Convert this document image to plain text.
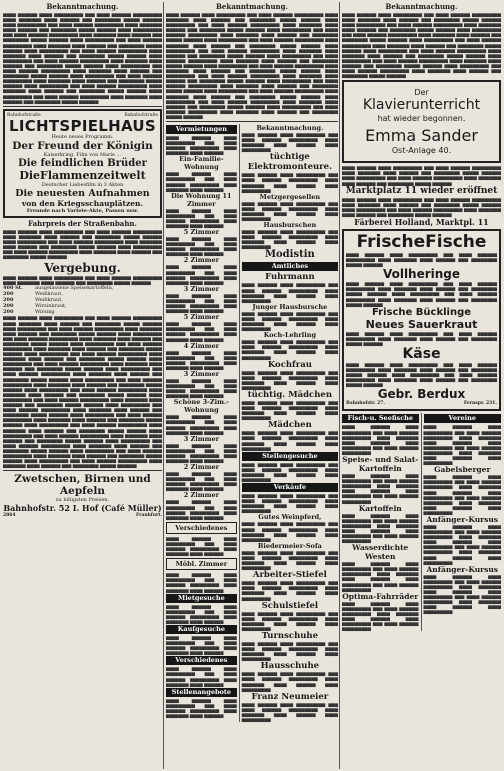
Bekanntmachung.
▆▆▆▆ ▆▆▆▆▆▆ ▆▆▆▆ ▆▆▆▆▆▆▆▆▆ ▆▆▆ ▆▆▆▆ ▆▆▆▆▆▆ ▆▆▆▆▆▆▆▆▆ ▆▆▆▆ ▆▆▆▆▆▆▆ ▆▆▆▆ ▆▆▆▆▆▆ ▆▆▆ ▆▆▆▆▆▆▆▆ ▆▆▆▆▆ ▆▆▆▆▆▆ ▆▆▆▆ ▆▆▆▆▆▆▆▆▆ ▆▆▆ ▆▆▆▆ ▆▆▆▆▆▆ ▆▆▆▆▆▆▆▆▆ ▆▆▆▆ ▆▆▆▆▆▆▆ ▆▆▆▆ ▆▆▆▆▆▆ ▆▆▆ ▆▆▆▆▆▆▆▆ ▆▆▆▆▆ ▆▆▆▆▆▆ ▆▆▆▆ ▆▆▆▆▆▆▆▆▆ ▆▆▆ ▆▆▆▆ ▆▆▆▆▆▆ ▆▆▆▆▆▆▆▆▆ ▆▆▆▆ ▆▆▆▆▆▆▆ ▆▆▆▆ ▆▆▆▆▆▆ ▆▆▆ ▆▆▆▆▆▆▆▆ ▆▆▆▆▆ ▆▆▆▆▆▆ ▆▆▆▆ ▆▆▆▆▆▆▆▆▆ ▆▆▆ ▆▆▆▆ ▆▆▆▆▆▆ ▆▆▆▆▆▆▆▆▆ ▆▆▆▆ ▆▆▆▆▆▆▆ ▆▆▆▆ ▆▆▆▆▆▆ ▆▆▆ ▆▆▆▆▆▆▆▆ ▆▆▆▆▆ ▆▆▆▆▆▆ ▆▆▆▆ ▆▆▆▆▆▆▆▆▆ ▆▆▆ ▆▆▆▆ ▆▆▆▆▆▆ ▆▆▆▆▆▆▆▆▆ ▆▆▆▆ ▆▆▆▆▆▆▆ ▆▆▆▆ ▆▆▆▆▆▆ ▆▆▆ ▆▆▆▆▆▆▆▆ ▆▆▆▆▆ ▆▆▆▆▆▆ ▆▆▆▆ ▆▆▆▆▆▆▆▆▆ ▆▆▆ ▆▆▆▆ ▆▆▆▆▆▆ ▆▆▆▆▆▆▆▆▆ ▆▆▆▆ ▆▆▆▆▆▆▆ ▆▆▆▆ ▆▆▆▆▆▆ ▆▆▆ ▆▆▆▆▆▆▆▆ ▆▆▆▆▆ ▆▆▆▆▆▆ ▆▆▆▆ ▆▆▆▆▆▆▆▆▆ ▆▆▆ ▆▆▆▆ ▆▆▆▆▆▆ ▆▆▆▆▆▆▆▆▆ ▆▆▆▆ ▆▆▆▆▆▆▆ ▆▆▆▆ ▆▆▆▆▆▆ ▆▆▆ ▆▆▆▆▆▆▆▆ ▆▆▆▆▆ ▆▆▆▆▆▆ ▆▆▆▆ ▆▆▆▆▆▆▆▆▆ ▆▆▆ ▆▆▆▆ ▆▆▆▆▆▆ ▆▆▆▆▆▆▆▆▆ ▆▆▆▆ ▆▆▆▆▆▆▆ ▆▆▆▆ ▆▆▆▆▆▆ ▆▆▆ ▆▆▆▆▆▆▆▆ ▆▆▆▆▆ ▆▆▆▆▆▆ ▆▆▆▆ ▆▆▆▆▆▆▆▆▆ ▆▆▆ ▆▆▆▆ ▆▆▆▆▆▆ ▆▆▆▆▆▆▆▆▆ ▆▆▆▆ ▆▆▆▆▆▆▆ ▆▆▆▆ ▆▆▆▆▆▆ ▆▆▆ ▆▆▆▆▆▆▆▆ ▆▆▆▆▆ ▆▆▆▆▆▆ ▆▆▆▆ ▆▆▆▆▆▆▆▆▆ ▆▆▆ ▆▆▆▆ ▆▆▆▆▆▆ ▆▆▆▆▆▆▆▆▆ ▆▆▆▆ ▆▆▆▆▆▆▆ ▆▆▆▆ ▆▆▆▆▆▆ ▆▆▆ ▆▆▆▆▆▆▆▆ ▆▆▆▆▆ ▆▆▆▆▆▆
Bahnhofstraße	Bahnhofstraße
LICHTSPIELHAUS
Heute neues Programm.
Der Freund der Königin
Kaiserkrieg. Film von Marie ...
Die feindlichen Brüder
DieFlammenzeitwelt
Deutscher Liebesfilm in 3 Akten
Die neuesten Aufnahmen
von den Kriegsschauplätzen.
Freunde nach Variete-Akte, Passen usw.
Fahrpreis der Straßenbahn.
▆▆▆▆ ▆▆▆▆▆▆ ▆▆▆▆ ▆▆▆▆▆▆▆▆▆ ▆▆▆ ▆▆▆▆ ▆▆▆▆▆▆ ▆▆▆▆▆▆▆▆▆ ▆▆▆▆ ▆▆▆▆▆▆▆ ▆▆▆▆ ▆▆▆▆▆▆ ▆▆▆ ▆▆▆▆▆▆▆▆ ▆▆▆▆▆ ▆▆▆▆▆▆ ▆▆▆▆ ▆▆▆▆▆▆▆▆▆ ▆▆▆ ▆▆▆▆ ▆▆▆▆▆▆ ▆▆▆▆▆▆▆▆▆ ▆▆▆▆ ▆▆▆▆▆▆▆ ▆▆▆▆ ▆▆▆▆▆▆ ▆▆▆ ▆▆▆▆▆▆▆▆ ▆▆▆▆▆ ▆▆▆▆▆▆ ▆▆▆▆ ▆▆▆▆▆▆▆▆▆ ▆▆▆ ▆▆▆▆ ▆▆▆▆▆▆ ▆▆▆▆▆▆▆▆▆ ▆▆▆▆ ▆▆▆▆▆▆▆ ▆▆▆▆ ▆▆▆▆▆▆ ▆▆▆ ▆▆▆▆▆▆▆▆ ▆▆▆▆▆ ▆▆▆▆▆▆
Vergebung.
▆▆▆▆ ▆▆▆▆▆▆ ▆▆▆▆ ▆▆▆▆▆▆▆▆▆ ▆▆▆ ▆▆▆▆ ▆▆▆▆▆▆ ▆▆▆▆▆▆▆▆▆ ▆▆▆▆ ▆▆▆▆▆▆▆ ▆▆▆▆ ▆▆▆▆▆▆ ▆▆▆ ▆▆▆▆▆▆▆▆ ▆▆▆▆▆ ▆▆▆▆▆▆
400 St.	ausgelassene Speisekartoffeln,
200	Weißkraut,
200	Weißkraut,
200	Wirsinkraut,
200	Wirsing
▆▆▆▆ ▆▆▆▆▆▆ ▆▆▆▆ ▆▆▆▆▆▆▆▆▆ ▆▆▆ ▆▆▆▆ ▆▆▆▆▆▆ ▆▆▆▆▆▆▆▆▆ ▆▆▆▆ ▆▆▆▆▆▆▆ ▆▆▆▆ ▆▆▆▆▆▆ ▆▆▆ ▆▆▆▆▆▆▆▆ ▆▆▆▆▆ ▆▆▆▆▆▆ ▆▆▆▆ ▆▆▆▆▆▆▆▆▆ ▆▆▆ ▆▆▆▆ ▆▆▆▆▆▆ ▆▆▆▆▆▆▆▆▆ ▆▆▆▆ ▆▆▆▆▆▆▆ ▆▆▆▆ ▆▆▆▆▆▆ ▆▆▆ ▆▆▆▆▆▆▆▆ ▆▆▆▆▆ ▆▆▆▆▆▆ ▆▆▆▆ ▆▆▆▆▆▆▆▆▆ ▆▆▆ ▆▆▆▆ ▆▆▆▆▆▆ ▆▆▆▆▆▆▆▆▆ ▆▆▆▆ ▆▆▆▆▆▆▆ ▆▆▆▆ ▆▆▆▆▆▆ ▆▆▆ ▆▆▆▆▆▆▆▆ ▆▆▆▆▆ ▆▆▆▆▆▆ ▆▆▆▆ ▆▆▆▆▆▆▆▆▆ ▆▆▆ ▆▆▆▆ ▆▆▆▆▆▆ ▆▆▆▆▆▆▆▆▆ ▆▆▆▆ ▆▆▆▆▆▆▆ ▆▆▆▆ ▆▆▆▆▆▆ ▆▆▆ ▆▆▆▆▆▆▆▆ ▆▆▆▆▆ ▆▆▆▆▆▆ ▆▆▆▆ ▆▆▆▆▆▆▆▆▆ ▆▆▆ ▆▆▆▆ ▆▆▆▆▆▆ ▆▆▆▆▆▆▆▆▆ ▆▆▆▆ ▆▆▆▆▆▆▆ ▆▆▆▆ ▆▆▆▆▆▆ ▆▆▆ ▆▆▆▆▆▆▆▆ ▆▆▆▆▆ ▆▆▆▆▆▆ ▆▆▆▆ ▆▆▆▆▆▆▆▆▆ ▆▆▆ ▆▆▆▆ ▆▆▆▆▆▆ ▆▆▆▆▆▆▆▆▆ ▆▆▆▆ ▆▆▆▆▆▆▆ ▆▆▆▆ ▆▆▆▆▆▆ ▆▆▆ ▆▆▆▆▆▆▆▆ ▆▆▆▆▆ ▆▆▆▆▆▆ ▆▆▆▆ ▆▆▆▆▆▆▆▆▆ ▆▆▆ ▆▆▆▆ ▆▆▆▆▆▆ ▆▆▆▆▆▆▆▆▆ ▆▆▆▆ ▆▆▆▆▆▆▆ ▆▆▆▆ ▆▆▆▆▆▆ ▆▆▆ ▆▆▆▆▆▆▆▆ ▆▆▆▆▆ ▆▆▆▆▆▆ ▆▆▆▆ ▆▆▆▆▆▆▆▆▆ ▆▆▆ ▆▆▆▆ ▆▆▆▆▆▆ ▆▆▆▆▆▆▆▆▆ ▆▆▆▆ ▆▆▆▆▆▆▆ ▆▆▆▆ ▆▆▆▆▆▆ ▆▆▆ ▆▆▆▆▆▆▆▆ ▆▆▆▆▆ ▆▆▆▆▆▆ ▆▆▆▆ ▆▆▆▆▆▆▆▆▆ ▆▆▆ ▆▆▆▆ ▆▆▆▆▆▆ ▆▆▆▆▆▆▆▆▆ ▆▆▆▆ ▆▆▆▆▆▆▆ ▆▆▆▆ ▆▆▆▆▆▆ ▆▆▆ ▆▆▆▆▆▆▆▆ ▆▆▆▆▆ ▆▆▆▆▆▆ ▆▆▆▆ ▆▆▆▆▆▆▆▆▆ ▆▆▆ ▆▆▆▆ ▆▆▆▆▆▆ ▆▆▆▆▆▆▆▆▆ ▆▆▆▆ ▆▆▆▆▆▆▆ ▆▆▆▆ ▆▆▆▆▆▆ ▆▆▆ ▆▆▆▆▆▆▆▆ ▆▆▆▆▆ ▆▆▆▆▆▆ ▆▆▆▆ ▆▆▆▆▆▆▆▆▆ ▆▆▆ ▆▆▆▆ ▆▆▆▆▆▆ ▆▆▆▆▆▆▆▆▆ ▆▆▆▆ ▆▆▆▆▆▆▆ ▆▆▆▆ ▆▆▆▆▆▆ ▆▆▆ ▆▆▆▆▆▆▆▆ ▆▆▆▆▆ ▆▆▆▆▆▆ ▆▆▆▆ ▆▆▆▆▆▆▆▆▆ ▆▆▆ ▆▆▆▆ ▆▆▆▆▆▆ ▆▆▆▆▆▆▆▆▆ ▆▆▆▆ ▆▆▆▆▆▆▆ ▆▆▆▆ ▆▆▆▆▆▆ ▆▆▆ ▆▆▆▆▆▆▆▆ ▆▆▆▆▆ ▆▆▆▆▆▆ ▆▆▆▆ ▆▆▆▆▆▆▆▆▆ ▆▆▆ ▆▆▆▆ ▆▆▆▆▆▆ ▆▆▆▆▆▆▆▆▆ ▆▆▆▆ ▆▆▆▆▆▆▆ ▆▆▆▆ ▆▆▆▆▆▆ ▆▆▆ ▆▆▆▆▆▆▆▆ ▆▆▆▆▆ ▆▆▆▆▆▆ ▆▆▆▆ ▆▆▆▆▆▆▆▆▆ ▆▆▆ ▆▆▆▆ ▆▆▆▆▆▆ ▆▆▆▆▆▆▆▆▆ ▆▆▆▆ ▆▆▆▆▆▆▆ ▆▆▆▆ ▆▆▆▆▆▆ ▆▆▆ ▆▆▆▆▆▆▆▆ ▆▆▆▆▆ ▆▆▆▆▆▆ ▆▆▆▆ ▆▆▆▆▆▆▆▆▆ ▆▆▆ ▆▆▆▆ ▆▆▆▆▆▆ ▆▆▆▆▆▆▆▆▆ ▆▆▆▆ ▆▆▆▆▆▆▆ ▆▆▆▆ ▆▆▆▆▆▆ ▆▆▆ ▆▆▆▆▆▆▆▆ ▆▆▆▆▆ ▆▆▆▆▆▆ ▆▆▆▆ ▆▆▆▆▆▆▆▆▆ ▆▆▆ ▆▆▆▆ ▆▆▆▆▆▆ ▆▆▆▆▆▆▆▆▆ ▆▆▆▆ ▆▆▆▆▆▆▆ ▆▆▆▆ ▆▆▆▆▆▆ ▆▆▆ ▆▆▆▆▆▆▆▆ ▆▆▆▆▆ ▆▆▆▆▆▆ ▆▆▆▆ ▆▆▆▆▆▆▆▆▆ ▆▆▆ ▆▆▆▆ ▆▆▆▆▆▆ ▆▆▆▆▆▆▆▆▆ ▆▆▆▆ ▆▆▆▆▆▆▆ ▆▆▆▆ ▆▆▆▆▆▆ ▆▆▆ ▆▆▆▆▆▆▆▆ ▆▆▆▆▆ ▆▆▆▆▆▆
Zwetschen, Birnen und Aepfeln
zu billigsten Preisen.
Bahnhofstr. 52 I. Hof (Café Müller)
2864	Frankfurt.
Bekanntmachung.
▆▆▆▆ ▆▆▆▆▆▆ ▆▆▆▆ ▆▆▆▆▆▆▆▆▆ ▆▆▆ ▆▆▆▆ ▆▆▆▆▆▆ ▆▆▆▆▆▆▆▆▆ ▆▆▆▆ ▆▆▆▆▆▆▆ ▆▆▆▆ ▆▆▆▆▆▆ ▆▆▆ ▆▆▆▆▆▆▆▆ ▆▆▆▆▆ ▆▆▆▆▆▆ ▆▆▆▆ ▆▆▆▆▆▆▆▆▆ ▆▆▆ ▆▆▆▆ ▆▆▆▆▆▆ ▆▆▆▆▆▆▆▆▆ ▆▆▆▆ ▆▆▆▆▆▆▆ ▆▆▆▆ ▆▆▆▆▆▆ ▆▆▆ ▆▆▆▆▆▆▆▆ ▆▆▆▆▆ ▆▆▆▆▆▆ ▆▆▆▆ ▆▆▆▆▆▆▆▆▆ ▆▆▆ ▆▆▆▆ ▆▆▆▆▆▆ ▆▆▆▆▆▆▆▆▆ ▆▆▆▆ ▆▆▆▆▆▆▆ ▆▆▆▆ ▆▆▆▆▆▆ ▆▆▆ ▆▆▆▆▆▆▆▆ ▆▆▆▆▆ ▆▆▆▆▆▆ ▆▆▆▆ ▆▆▆▆▆▆▆▆▆ ▆▆▆ ▆▆▆▆ ▆▆▆▆▆▆ ▆▆▆▆▆▆▆▆▆ ▆▆▆▆ ▆▆▆▆▆▆▆ ▆▆▆▆ ▆▆▆▆▆▆ ▆▆▆ ▆▆▆▆▆▆▆▆ ▆▆▆▆▆ ▆▆▆▆▆▆ ▆▆▆▆ ▆▆▆▆▆▆▆▆▆ ▆▆▆ ▆▆▆▆ ▆▆▆▆▆▆ ▆▆▆▆▆▆▆▆▆ ▆▆▆▆ ▆▆▆▆▆▆▆ ▆▆▆▆ ▆▆▆▆▆▆ ▆▆▆ ▆▆▆▆▆▆▆▆ ▆▆▆▆▆ ▆▆▆▆▆▆ ▆▆▆▆ ▆▆▆▆▆▆▆▆▆ ▆▆▆ ▆▆▆▆ ▆▆▆▆▆▆ ▆▆▆▆▆▆▆▆▆ ▆▆▆▆ ▆▆▆▆▆▆▆ ▆▆▆▆ ▆▆▆▆▆▆ ▆▆▆ ▆▆▆▆▆▆▆▆ ▆▆▆▆▆ ▆▆▆▆▆▆ ▆▆▆▆ ▆▆▆▆▆▆▆▆▆ ▆▆▆ ▆▆▆▆ ▆▆▆▆▆▆ ▆▆▆▆▆▆▆▆▆ ▆▆▆▆ ▆▆▆▆▆▆▆ ▆▆▆▆ ▆▆▆▆▆▆ ▆▆▆ ▆▆▆▆▆▆▆▆ ▆▆▆▆▆ ▆▆▆▆▆▆ ▆▆▆▆ ▆▆▆▆▆▆▆▆▆ ▆▆▆ ▆▆▆▆ ▆▆▆▆▆▆ ▆▆▆▆▆▆▆▆▆ ▆▆▆▆ ▆▆▆▆▆▆▆ ▆▆▆▆ ▆▆▆▆▆▆ ▆▆▆ ▆▆▆▆▆▆▆▆ ▆▆▆▆▆ ▆▆▆▆▆▆ ▆▆▆▆ ▆▆▆▆▆▆▆▆▆ ▆▆▆ ▆▆▆▆ ▆▆▆▆▆▆ ▆▆▆▆▆▆▆▆▆ ▆▆▆▆ ▆▆▆▆▆▆▆ ▆▆▆▆ ▆▆▆▆▆▆ ▆▆▆ ▆▆▆▆▆▆▆▆ ▆▆▆▆▆ ▆▆▆▆▆▆ ▆▆▆▆ ▆▆▆▆▆▆▆▆▆ ▆▆▆ ▆▆▆▆ ▆▆▆▆▆▆ ▆▆▆▆▆▆▆▆▆ ▆▆▆▆ ▆▆▆▆▆▆▆ ▆▆▆▆ ▆▆▆▆▆▆ ▆▆▆ ▆▆▆▆▆▆▆▆ ▆▆▆▆▆ ▆▆▆▆▆▆ ▆▆▆▆ ▆▆▆▆▆▆▆▆▆ ▆▆▆ ▆▆▆▆ ▆▆▆▆▆▆ ▆▆▆▆▆▆▆▆▆ ▆▆▆▆ ▆▆▆▆▆▆▆ ▆▆▆▆ ▆▆▆▆▆▆ ▆▆▆ ▆▆▆▆▆▆▆▆ ▆▆▆▆▆ ▆▆▆▆▆▆ ▆▆▆▆ ▆▆▆▆▆▆▆▆▆ ▆▆▆ ▆▆▆▆ ▆▆▆▆▆▆ ▆▆▆▆▆▆▆▆▆ ▆▆▆▆ ▆▆▆▆▆▆▆ ▆▆▆▆ ▆▆▆▆▆▆ ▆▆▆ ▆▆▆▆▆▆▆▆ ▆▆▆▆▆ ▆▆▆▆▆▆
Vermietungen
▆▆▆▆ ▆▆▆▆▆▆ ▆▆▆▆ ▆▆▆▆▆▆▆▆▆ ▆▆▆ ▆▆▆▆ ▆▆▆▆▆▆ ▆▆▆▆▆▆▆▆▆ ▆▆▆▆ ▆▆▆▆▆▆▆ ▆▆▆▆ ▆▆▆▆▆▆
Ein-Familie-Wohnung
▆▆▆▆ ▆▆▆▆▆▆ ▆▆▆▆ ▆▆▆▆▆▆▆▆▆ ▆▆▆ ▆▆▆▆ ▆▆▆▆▆▆ ▆▆▆▆▆▆▆▆▆ ▆▆▆▆ ▆▆▆▆▆▆▆ ▆▆▆▆ ▆▆▆▆▆▆
Die Wohnung 11 Zimmer
▆▆▆▆ ▆▆▆▆▆▆ ▆▆▆▆ ▆▆▆▆▆▆▆▆▆ ▆▆▆ ▆▆▆▆ ▆▆▆▆▆▆ ▆▆▆▆▆▆▆▆▆ ▆▆▆▆ ▆▆▆▆▆▆▆ ▆▆▆▆ ▆▆▆▆▆▆
5 Zimmer
▆▆▆▆ ▆▆▆▆▆▆ ▆▆▆▆ ▆▆▆▆▆▆▆▆▆ ▆▆▆ ▆▆▆▆ ▆▆▆▆▆▆ ▆▆▆▆▆▆▆▆▆ ▆▆▆▆ ▆▆▆▆▆▆▆ ▆▆▆▆ ▆▆▆▆▆▆
2 Zimmer
▆▆▆▆ ▆▆▆▆▆▆ ▆▆▆▆ ▆▆▆▆▆▆▆▆▆ ▆▆▆ ▆▆▆▆ ▆▆▆▆▆▆ ▆▆▆▆▆▆▆▆▆ ▆▆▆▆ ▆▆▆▆▆▆▆ ▆▆▆▆ ▆▆▆▆▆▆
3 Zimmer
▆▆▆▆ ▆▆▆▆▆▆ ▆▆▆▆ ▆▆▆▆▆▆▆▆▆ ▆▆▆ ▆▆▆▆ ▆▆▆▆▆▆ ▆▆▆▆▆▆▆▆▆ ▆▆▆▆ ▆▆▆▆▆▆▆ ▆▆▆▆ ▆▆▆▆▆▆
5 Zimmer
▆▆▆▆ ▆▆▆▆▆▆ ▆▆▆▆ ▆▆▆▆▆▆▆▆▆ ▆▆▆ ▆▆▆▆ ▆▆▆▆▆▆ ▆▆▆▆▆▆▆▆▆ ▆▆▆▆ ▆▆▆▆▆▆▆ ▆▆▆▆ ▆▆▆▆▆▆
4 Zimmer
▆▆▆▆ ▆▆▆▆▆▆ ▆▆▆▆ ▆▆▆▆▆▆▆▆▆ ▆▆▆ ▆▆▆▆ ▆▆▆▆▆▆ ▆▆▆▆▆▆▆▆▆ ▆▆▆▆ ▆▆▆▆▆▆▆ ▆▆▆▆ ▆▆▆▆▆▆
3 Zimmer
▆▆▆▆ ▆▆▆▆▆▆ ▆▆▆▆ ▆▆▆▆▆▆▆▆▆ ▆▆▆ ▆▆▆▆ ▆▆▆▆▆▆ ▆▆▆▆▆▆▆▆▆ ▆▆▆▆ ▆▆▆▆▆▆▆ ▆▆▆▆ ▆▆▆▆▆▆
Schöne 3-Zim.-Wohnung
▆▆▆▆ ▆▆▆▆▆▆ ▆▆▆▆ ▆▆▆▆▆▆▆▆▆ ▆▆▆ ▆▆▆▆ ▆▆▆▆▆▆ ▆▆▆▆▆▆▆▆▆ ▆▆▆▆ ▆▆▆▆▆▆▆ ▆▆▆▆ ▆▆▆▆▆▆
3 Zimmer
▆▆▆▆ ▆▆▆▆▆▆ ▆▆▆▆ ▆▆▆▆▆▆▆▆▆ ▆▆▆ ▆▆▆▆ ▆▆▆▆▆▆ ▆▆▆▆▆▆▆▆▆ ▆▆▆▆ ▆▆▆▆▆▆▆ ▆▆▆▆ ▆▆▆▆▆▆
2 Zimmer
▆▆▆▆ ▆▆▆▆▆▆ ▆▆▆▆ ▆▆▆▆▆▆▆▆▆ ▆▆▆ ▆▆▆▆ ▆▆▆▆▆▆ ▆▆▆▆▆▆▆▆▆ ▆▆▆▆ ▆▆▆▆▆▆▆ ▆▆▆▆ ▆▆▆▆▆▆
2 Zimmer
▆▆▆▆ ▆▆▆▆▆▆ ▆▆▆▆ ▆▆▆▆▆▆▆▆▆ ▆▆▆ ▆▆▆▆ ▆▆▆▆▆▆ ▆▆▆▆▆▆▆▆▆ ▆▆▆▆ ▆▆▆▆▆▆▆ ▆▆▆▆ ▆▆▆▆▆▆
Verschiedenes
▆▆▆▆ ▆▆▆▆▆▆ ▆▆▆▆ ▆▆▆▆▆▆▆▆▆ ▆▆▆ ▆▆▆▆ ▆▆▆▆▆▆ ▆▆▆▆▆▆▆▆▆ ▆▆▆▆ ▆▆▆▆▆▆▆ ▆▆▆▆ ▆▆▆▆▆▆
Möbl. Zimmer
▆▆▆▆ ▆▆▆▆▆▆ ▆▆▆▆ ▆▆▆▆▆▆▆▆▆ ▆▆▆ ▆▆▆▆ ▆▆▆▆▆▆ ▆▆▆▆▆▆▆▆▆ ▆▆▆▆ ▆▆▆▆▆▆▆ ▆▆▆▆ ▆▆▆▆▆▆
Mietgesuche
▆▆▆▆ ▆▆▆▆▆▆ ▆▆▆▆ ▆▆▆▆▆▆▆▆▆ ▆▆▆ ▆▆▆▆ ▆▆▆▆▆▆ ▆▆▆▆▆▆▆▆▆ ▆▆▆▆ ▆▆▆▆▆▆▆ ▆▆▆▆ ▆▆▆▆▆▆
Kaufgesuche
▆▆▆▆ ▆▆▆▆▆▆ ▆▆▆▆ ▆▆▆▆▆▆▆▆▆ ▆▆▆ ▆▆▆▆ ▆▆▆▆▆▆ ▆▆▆▆▆▆▆▆▆ ▆▆▆▆ ▆▆▆▆▆▆▆ ▆▆▆▆ ▆▆▆▆▆▆
Verschiedenes
▆▆▆▆ ▆▆▆▆▆▆ ▆▆▆▆ ▆▆▆▆▆▆▆▆▆ ▆▆▆ ▆▆▆▆ ▆▆▆▆▆▆ ▆▆▆▆▆▆▆▆▆ ▆▆▆▆ ▆▆▆▆▆▆▆ ▆▆▆▆ ▆▆▆▆▆▆
Stellenangebote
▆▆▆▆ ▆▆▆▆▆▆ ▆▆▆▆ ▆▆▆▆▆▆▆▆▆ ▆▆▆ ▆▆▆▆ ▆▆▆▆▆▆ ▆▆▆▆▆▆▆▆▆ ▆▆▆▆ ▆▆▆▆▆▆▆ ▆▆▆▆ ▆▆▆▆▆▆
Bekanntmachung.
▆▆▆▆ ▆▆▆▆▆▆ ▆▆▆▆ ▆▆▆▆▆▆▆▆▆ ▆▆▆ ▆▆▆▆ ▆▆▆▆▆▆ ▆▆▆▆▆▆▆▆▆ ▆▆▆▆ ▆▆▆▆▆▆▆ ▆▆▆▆ ▆▆▆▆▆▆ ▆▆▆▆ ▆▆▆▆▆▆▆▆▆
tüchtige Elektromonteure.
▆▆▆▆ ▆▆▆▆▆▆ ▆▆▆▆ ▆▆▆▆▆▆▆▆▆ ▆▆▆ ▆▆▆▆ ▆▆▆▆▆▆ ▆▆▆▆▆▆▆▆▆ ▆▆▆▆ ▆▆▆▆▆▆▆ ▆▆▆▆ ▆▆▆▆▆▆ ▆▆▆▆ ▆▆▆▆▆▆▆▆▆
Metzgergesellen
▆▆▆▆ ▆▆▆▆▆▆ ▆▆▆▆ ▆▆▆▆▆▆▆▆▆ ▆▆▆ ▆▆▆▆ ▆▆▆▆▆▆ ▆▆▆▆▆▆▆▆▆ ▆▆▆▆ ▆▆▆▆▆▆▆ ▆▆▆▆ ▆▆▆▆▆▆ ▆▆▆▆ ▆▆▆▆▆▆▆▆▆
Hausburschen
▆▆▆▆ ▆▆▆▆▆▆ ▆▆▆▆ ▆▆▆▆▆▆▆▆▆ ▆▆▆ ▆▆▆▆ ▆▆▆▆▆▆ ▆▆▆▆▆▆▆▆▆ ▆▆▆▆ ▆▆▆▆▆▆▆ ▆▆▆▆ ▆▆▆▆▆▆ ▆▆▆▆ ▆▆▆▆▆▆▆▆▆
Modistin
Amtliches
Fuhrmann
▆▆▆▆ ▆▆▆▆▆▆ ▆▆▆▆ ▆▆▆▆▆▆▆▆▆ ▆▆▆ ▆▆▆▆ ▆▆▆▆▆▆ ▆▆▆▆▆▆▆▆▆ ▆▆▆▆ ▆▆▆▆▆▆▆ ▆▆▆▆ ▆▆▆▆▆▆ ▆▆▆▆ ▆▆▆▆▆▆▆▆▆
Junger Hausbursche
▆▆▆▆ ▆▆▆▆▆▆ ▆▆▆▆ ▆▆▆▆▆▆▆▆▆ ▆▆▆ ▆▆▆▆ ▆▆▆▆▆▆ ▆▆▆▆▆▆▆▆▆ ▆▆▆▆ ▆▆▆▆▆▆▆ ▆▆▆▆ ▆▆▆▆▆▆ ▆▆▆▆ ▆▆▆▆▆▆▆▆▆
Koch-Lehrling
▆▆▆▆ ▆▆▆▆▆▆ ▆▆▆▆ ▆▆▆▆▆▆▆▆▆ ▆▆▆ ▆▆▆▆ ▆▆▆▆▆▆ ▆▆▆▆▆▆▆▆▆ ▆▆▆▆ ▆▆▆▆▆▆▆ ▆▆▆▆ ▆▆▆▆▆▆ ▆▆▆▆ ▆▆▆▆▆▆▆▆▆
Kochfrau
▆▆▆▆ ▆▆▆▆▆▆ ▆▆▆▆ ▆▆▆▆▆▆▆▆▆ ▆▆▆ ▆▆▆▆ ▆▆▆▆▆▆ ▆▆▆▆▆▆▆▆▆ ▆▆▆▆ ▆▆▆▆▆▆▆ ▆▆▆▆ ▆▆▆▆▆▆ ▆▆▆▆ ▆▆▆▆▆▆▆▆▆
tüchtig. Mädchen
▆▆▆▆ ▆▆▆▆▆▆ ▆▆▆▆ ▆▆▆▆▆▆▆▆▆ ▆▆▆ ▆▆▆▆ ▆▆▆▆▆▆ ▆▆▆▆▆▆▆▆▆ ▆▆▆▆ ▆▆▆▆▆▆▆ ▆▆▆▆ ▆▆▆▆▆▆ ▆▆▆▆ ▆▆▆▆▆▆▆▆▆
Mädchen
▆▆▆▆ ▆▆▆▆▆▆ ▆▆▆▆ ▆▆▆▆▆▆▆▆▆ ▆▆▆ ▆▆▆▆ ▆▆▆▆▆▆ ▆▆▆▆▆▆▆▆▆ ▆▆▆▆ ▆▆▆▆▆▆▆ ▆▆▆▆ ▆▆▆▆▆▆ ▆▆▆▆ ▆▆▆▆▆▆▆▆▆
Stellengesuche
▆▆▆▆ ▆▆▆▆▆▆ ▆▆▆▆ ▆▆▆▆▆▆▆▆▆ ▆▆▆ ▆▆▆▆ ▆▆▆▆▆▆ ▆▆▆▆▆▆▆▆▆ ▆▆▆▆ ▆▆▆▆▆▆▆ ▆▆▆▆ ▆▆▆▆▆▆ ▆▆▆▆ ▆▆▆▆▆▆▆▆▆
Verkäufe
▆▆▆▆ ▆▆▆▆▆▆ ▆▆▆▆ ▆▆▆▆▆▆▆▆▆ ▆▆▆ ▆▆▆▆ ▆▆▆▆▆▆ ▆▆▆▆▆▆▆▆▆ ▆▆▆▆ ▆▆▆▆▆▆▆ ▆▆▆▆ ▆▆▆▆▆▆ ▆▆▆▆ ▆▆▆▆▆▆▆▆▆
Gutes Weinpferd,
▆▆▆▆ ▆▆▆▆▆▆ ▆▆▆▆ ▆▆▆▆▆▆▆▆▆ ▆▆▆ ▆▆▆▆ ▆▆▆▆▆▆ ▆▆▆▆▆▆▆▆▆ ▆▆▆▆ ▆▆▆▆▆▆▆ ▆▆▆▆ ▆▆▆▆▆▆ ▆▆▆▆ ▆▆▆▆▆▆▆▆▆
Biedermeier-Sofa
▆▆▆▆ ▆▆▆▆▆▆ ▆▆▆▆ ▆▆▆▆▆▆▆▆▆ ▆▆▆ ▆▆▆▆ ▆▆▆▆▆▆ ▆▆▆▆▆▆▆▆▆ ▆▆▆▆ ▆▆▆▆▆▆▆ ▆▆▆▆ ▆▆▆▆▆▆ ▆▆▆▆ ▆▆▆▆▆▆▆▆▆
Arbeiter-Stiefel
▆▆▆▆ ▆▆▆▆▆▆ ▆▆▆▆ ▆▆▆▆▆▆▆▆▆ ▆▆▆ ▆▆▆▆ ▆▆▆▆▆▆ ▆▆▆▆▆▆▆▆▆ ▆▆▆▆ ▆▆▆▆▆▆▆ ▆▆▆▆ ▆▆▆▆▆▆ ▆▆▆▆ ▆▆▆▆▆▆▆▆▆
Schulstiefel
▆▆▆▆ ▆▆▆▆▆▆ ▆▆▆▆ ▆▆▆▆▆▆▆▆▆ ▆▆▆ ▆▆▆▆ ▆▆▆▆▆▆ ▆▆▆▆▆▆▆▆▆ ▆▆▆▆ ▆▆▆▆▆▆▆ ▆▆▆▆ ▆▆▆▆▆▆ ▆▆▆▆ ▆▆▆▆▆▆▆▆▆
Turnschuhe
▆▆▆▆ ▆▆▆▆▆▆ ▆▆▆▆ ▆▆▆▆▆▆▆▆▆ ▆▆▆ ▆▆▆▆ ▆▆▆▆▆▆ ▆▆▆▆▆▆▆▆▆ ▆▆▆▆ ▆▆▆▆▆▆▆ ▆▆▆▆ ▆▆▆▆▆▆ ▆▆▆▆ ▆▆▆▆▆▆▆▆▆
Hausschuhe
▆▆▆▆ ▆▆▆▆▆▆ ▆▆▆▆ ▆▆▆▆▆▆▆▆▆ ▆▆▆ ▆▆▆▆ ▆▆▆▆▆▆ ▆▆▆▆▆▆▆▆▆ ▆▆▆▆ ▆▆▆▆▆▆▆ ▆▆▆▆ ▆▆▆▆▆▆ ▆▆▆▆ ▆▆▆▆▆▆▆▆▆
Franz Neumeier
▆▆▆▆ ▆▆▆▆▆▆ ▆▆▆▆ ▆▆▆▆▆▆▆▆▆ ▆▆▆ ▆▆▆▆ ▆▆▆▆▆▆ ▆▆▆▆▆▆▆▆▆ ▆▆▆▆ ▆▆▆▆▆▆▆ ▆▆▆▆ ▆▆▆▆▆▆ ▆▆▆▆ ▆▆▆▆▆▆▆▆▆
Bekanntmachung.
▆▆▆▆ ▆▆▆▆▆▆ ▆▆▆▆ ▆▆▆▆▆▆▆▆▆ ▆▆▆ ▆▆▆▆ ▆▆▆▆▆▆ ▆▆▆▆▆▆▆▆▆ ▆▆▆▆ ▆▆▆▆▆▆▆ ▆▆▆▆ ▆▆▆▆▆▆ ▆▆▆ ▆▆▆▆▆▆▆▆ ▆▆▆▆▆ ▆▆▆▆▆▆ ▆▆▆▆ ▆▆▆▆▆▆▆▆▆ ▆▆▆ ▆▆▆▆ ▆▆▆▆▆▆ ▆▆▆▆▆▆▆▆▆ ▆▆▆▆ ▆▆▆▆▆▆▆ ▆▆▆▆ ▆▆▆▆▆▆ ▆▆▆ ▆▆▆▆▆▆▆▆ ▆▆▆▆▆ ▆▆▆▆▆▆ ▆▆▆▆ ▆▆▆▆▆▆▆▆▆ ▆▆▆ ▆▆▆▆ ▆▆▆▆▆▆ ▆▆▆▆▆▆▆▆▆ ▆▆▆▆ ▆▆▆▆▆▆▆ ▆▆▆▆ ▆▆▆▆▆▆ ▆▆▆ ▆▆▆▆▆▆▆▆ ▆▆▆▆▆ ▆▆▆▆▆▆ ▆▆▆▆ ▆▆▆▆▆▆▆▆▆ ▆▆▆ ▆▆▆▆ ▆▆▆▆▆▆ ▆▆▆▆▆▆▆▆▆ ▆▆▆▆ ▆▆▆▆▆▆▆ ▆▆▆▆ ▆▆▆▆▆▆ ▆▆▆ ▆▆▆▆▆▆▆▆ ▆▆▆▆▆ ▆▆▆▆▆▆ ▆▆▆▆ ▆▆▆▆▆▆▆▆▆ ▆▆▆ ▆▆▆▆ ▆▆▆▆▆▆ ▆▆▆▆▆▆▆▆▆ ▆▆▆▆ ▆▆▆▆▆▆▆ ▆▆▆▆ ▆▆▆▆▆▆ ▆▆▆ ▆▆▆▆▆▆▆▆ ▆▆▆▆▆ ▆▆▆▆▆▆ ▆▆▆▆ ▆▆▆▆▆▆▆▆▆ ▆▆▆ ▆▆▆▆ ▆▆▆▆▆▆ ▆▆▆▆▆▆▆▆▆ ▆▆▆▆ ▆▆▆▆▆▆▆ ▆▆▆▆ ▆▆▆▆▆▆ ▆▆▆ ▆▆▆▆▆▆▆▆ ▆▆▆▆▆ ▆▆▆▆▆▆ ▆▆▆▆ ▆▆▆▆▆▆▆▆▆ ▆▆▆ ▆▆▆▆ ▆▆▆▆▆▆ ▆▆▆▆▆▆▆▆▆ ▆▆▆▆ ▆▆▆▆▆▆▆ ▆▆▆▆ ▆▆▆▆▆▆ ▆▆▆ ▆▆▆▆▆▆▆▆ ▆▆▆▆▆ ▆▆▆▆▆▆
Der
Klavierunterricht
hat wieder begonnen.
Emma Sander
Ost-Anlage 40.
▆▆▆▆ ▆▆▆▆▆▆ ▆▆▆▆ ▆▆▆▆▆▆▆▆▆ ▆▆▆ ▆▆▆▆ ▆▆▆▆▆▆ ▆▆▆▆▆▆▆▆▆ ▆▆▆▆ ▆▆▆▆▆▆▆ ▆▆▆▆ ▆▆▆▆▆▆ ▆▆▆ ▆▆▆▆▆▆▆▆ ▆▆▆▆▆ ▆▆▆▆▆▆ ▆▆▆▆ ▆▆▆▆▆▆▆▆▆ ▆▆▆ ▆▆▆▆ ▆▆▆▆▆▆ ▆▆▆▆▆▆▆▆▆ ▆▆▆▆ ▆▆▆▆▆▆▆ ▆▆▆▆ ▆▆▆▆▆▆ ▆▆▆ ▆▆▆▆▆▆▆▆ ▆▆▆▆▆ ▆▆▆▆▆▆
Marktplatz 11 wieder eröffnet
▆▆▆▆ ▆▆▆▆▆▆ ▆▆▆▆ ▆▆▆▆▆▆▆▆▆ ▆▆▆ ▆▆▆▆ ▆▆▆▆▆▆ ▆▆▆▆▆▆▆▆▆ ▆▆▆▆ ▆▆▆▆▆▆▆ ▆▆▆▆ ▆▆▆▆▆▆ ▆▆▆ ▆▆▆▆▆▆▆▆ ▆▆▆▆▆ ▆▆▆▆▆▆ ▆▆▆▆ ▆▆▆▆▆▆▆▆▆ ▆▆▆ ▆▆▆▆ ▆▆▆▆▆▆ ▆▆▆▆▆▆▆▆▆ ▆▆▆▆ ▆▆▆▆▆▆▆ ▆▆▆▆ ▆▆▆▆▆▆ ▆▆▆ ▆▆▆▆▆▆▆▆ ▆▆▆▆▆ ▆▆▆▆▆▆
Färberei Holland, Marktpl. 11
FrischeFische
▆▆▆▆ ▆▆▆▆▆▆ ▆▆▆▆ ▆▆▆▆▆▆▆▆▆ ▆▆▆ ▆▆▆▆ ▆▆▆▆▆▆ ▆▆▆▆▆▆▆▆▆ ▆▆▆▆ ▆▆▆▆▆▆▆ ▆▆▆▆ ▆▆▆▆▆▆ ▆▆▆ ▆▆▆▆▆▆▆▆ ▆▆▆▆▆ ▆▆▆▆▆▆
Vollheringe
▆▆▆▆ ▆▆▆▆▆▆ ▆▆▆▆ ▆▆▆▆▆▆▆▆▆ ▆▆▆ ▆▆▆▆ ▆▆▆▆▆▆ ▆▆▆▆▆▆▆▆▆ ▆▆▆▆ ▆▆▆▆▆▆▆ ▆▆▆▆ ▆▆▆▆▆▆ ▆▆▆ ▆▆▆▆▆▆▆▆ ▆▆▆▆▆ ▆▆▆▆▆▆ ▆▆▆▆ ▆▆▆▆▆▆▆▆▆ ▆▆▆ ▆▆▆▆ ▆▆▆▆▆▆ ▆▆▆▆▆▆▆▆▆ ▆▆▆▆ ▆▆▆▆▆▆▆ ▆▆▆▆ ▆▆▆▆▆▆ ▆▆▆ ▆▆▆▆▆▆▆▆ ▆▆▆▆▆ ▆▆▆▆▆▆
Frische Bücklinge
Neues Sauerkraut
▆▆▆▆ ▆▆▆▆▆▆ ▆▆▆▆ ▆▆▆▆▆▆▆▆▆ ▆▆▆ ▆▆▆▆ ▆▆▆▆▆▆ ▆▆▆▆▆▆▆▆▆ ▆▆▆▆ ▆▆▆▆▆▆▆ ▆▆▆▆ ▆▆▆▆▆▆ ▆▆▆ ▆▆▆▆▆▆▆▆ ▆▆▆▆▆ ▆▆▆▆▆▆
Käse
▆▆▆▆ ▆▆▆▆▆▆ ▆▆▆▆ ▆▆▆▆▆▆▆▆▆ ▆▆▆ ▆▆▆▆ ▆▆▆▆▆▆ ▆▆▆▆▆▆▆▆▆ ▆▆▆▆ ▆▆▆▆▆▆▆ ▆▆▆▆ ▆▆▆▆▆▆ ▆▆▆ ▆▆▆▆▆▆▆▆ ▆▆▆▆▆ ▆▆▆▆▆▆ ▆▆▆▆ ▆▆▆▆▆▆▆▆▆ ▆▆▆ ▆▆▆▆ ▆▆▆▆▆▆ ▆▆▆▆▆▆▆▆▆ ▆▆▆▆ ▆▆▆▆▆▆▆ ▆▆▆▆ ▆▆▆▆▆▆ ▆▆▆ ▆▆▆▆▆▆▆▆ ▆▆▆▆▆ ▆▆▆▆▆▆
Gebr. Berdux
Bahnhofstr. 27.	Fernspr. 231.
Fisch-u. Seefische
▆▆▆▆ ▆▆▆▆▆▆ ▆▆▆▆ ▆▆▆▆▆▆▆▆▆ ▆▆▆ ▆▆▆▆ ▆▆▆▆▆▆ ▆▆▆▆▆▆▆▆▆ ▆▆▆▆ ▆▆▆▆▆▆▆ ▆▆▆▆ ▆▆▆▆▆▆ ▆▆▆▆ ▆▆▆▆▆▆▆▆▆ ▆▆▆ ▆▆▆▆ ▆▆▆▆▆▆ ▆▆▆▆▆▆▆▆▆
Speise- und Salat-Kartoffeln
▆▆▆▆ ▆▆▆▆▆▆ ▆▆▆▆ ▆▆▆▆▆▆▆▆▆ ▆▆▆ ▆▆▆▆ ▆▆▆▆▆▆ ▆▆▆▆▆▆▆▆▆ ▆▆▆▆ ▆▆▆▆▆▆▆ ▆▆▆▆ ▆▆▆▆▆▆ ▆▆▆▆ ▆▆▆▆▆▆▆▆▆ ▆▆▆ ▆▆▆▆ ▆▆▆▆▆▆ ▆▆▆▆▆▆▆▆▆
Kartoffeln
▆▆▆▆ ▆▆▆▆▆▆ ▆▆▆▆ ▆▆▆▆▆▆▆▆▆ ▆▆▆ ▆▆▆▆ ▆▆▆▆▆▆ ▆▆▆▆▆▆▆▆▆ ▆▆▆▆ ▆▆▆▆▆▆▆ ▆▆▆▆ ▆▆▆▆▆▆ ▆▆▆▆ ▆▆▆▆▆▆▆▆▆ ▆▆▆ ▆▆▆▆ ▆▆▆▆▆▆ ▆▆▆▆▆▆▆▆▆
Wasserdichte Westen
▆▆▆▆ ▆▆▆▆▆▆ ▆▆▆▆ ▆▆▆▆▆▆▆▆▆ ▆▆▆ ▆▆▆▆ ▆▆▆▆▆▆ ▆▆▆▆▆▆▆▆▆ ▆▆▆▆ ▆▆▆▆▆▆▆ ▆▆▆▆ ▆▆▆▆▆▆ ▆▆▆▆ ▆▆▆▆▆▆▆▆▆ ▆▆▆ ▆▆▆▆ ▆▆▆▆▆▆ ▆▆▆▆▆▆▆▆▆
Optima-Fahrräder
▆▆▆▆ ▆▆▆▆▆▆ ▆▆▆▆ ▆▆▆▆▆▆▆▆▆ ▆▆▆ ▆▆▆▆ ▆▆▆▆▆▆ ▆▆▆▆▆▆▆▆▆ ▆▆▆▆ ▆▆▆▆▆▆▆ ▆▆▆▆ ▆▆▆▆▆▆ ▆▆▆▆ ▆▆▆▆▆▆▆▆▆ ▆▆▆ ▆▆▆▆ ▆▆▆▆▆▆ ▆▆▆▆▆▆▆▆▆
Vereine
▆▆▆▆ ▆▆▆▆▆▆ ▆▆▆▆ ▆▆▆▆▆▆▆▆▆ ▆▆▆ ▆▆▆▆ ▆▆▆▆▆▆ ▆▆▆▆▆▆▆▆▆ ▆▆▆▆ ▆▆▆▆▆▆▆ ▆▆▆▆ ▆▆▆▆▆▆ ▆▆▆▆ ▆▆▆▆▆▆▆▆▆ ▆▆▆ ▆▆▆▆ ▆▆▆▆▆▆ ▆▆▆▆▆▆▆▆▆ ▆▆▆▆ ▆▆▆▆▆▆▆ ▆▆▆▆ ▆▆▆▆▆▆ ▆▆▆▆ ▆▆▆▆▆▆▆▆▆
Gabelsberger
▆▆▆▆ ▆▆▆▆▆▆ ▆▆▆▆ ▆▆▆▆▆▆▆▆▆ ▆▆▆ ▆▆▆▆ ▆▆▆▆▆▆ ▆▆▆▆▆▆▆▆▆ ▆▆▆▆ ▆▆▆▆▆▆▆ ▆▆▆▆ ▆▆▆▆▆▆ ▆▆▆▆ ▆▆▆▆▆▆▆▆▆ ▆▆▆ ▆▆▆▆ ▆▆▆▆▆▆ ▆▆▆▆▆▆▆▆▆ ▆▆▆▆ ▆▆▆▆▆▆▆ ▆▆▆▆ ▆▆▆▆▆▆ ▆▆▆▆ ▆▆▆▆▆▆▆▆▆
Anfänger-Kursus
▆▆▆▆ ▆▆▆▆▆▆ ▆▆▆▆ ▆▆▆▆▆▆▆▆▆ ▆▆▆ ▆▆▆▆ ▆▆▆▆▆▆ ▆▆▆▆▆▆▆▆▆ ▆▆▆▆ ▆▆▆▆▆▆▆ ▆▆▆▆ ▆▆▆▆▆▆ ▆▆▆▆ ▆▆▆▆▆▆▆▆▆ ▆▆▆ ▆▆▆▆ ▆▆▆▆▆▆ ▆▆▆▆▆▆▆▆▆ ▆▆▆▆ ▆▆▆▆▆▆▆ ▆▆▆▆ ▆▆▆▆▆▆ ▆▆▆▆ ▆▆▆▆▆▆▆▆▆
Anfänger-Kursus
▆▆▆▆ ▆▆▆▆▆▆ ▆▆▆▆ ▆▆▆▆▆▆▆▆▆ ▆▆▆ ▆▆▆▆ ▆▆▆▆▆▆ ▆▆▆▆▆▆▆▆▆ ▆▆▆▆ ▆▆▆▆▆▆▆ ▆▆▆▆ ▆▆▆▆▆▆ ▆▆▆▆ ▆▆▆▆▆▆▆▆▆ ▆▆▆ ▆▆▆▆ ▆▆▆▆▆▆ ▆▆▆▆▆▆▆▆▆ ▆▆▆▆ ▆▆▆▆▆▆▆ ▆▆▆▆ ▆▆▆▆▆▆ ▆▆▆▆ ▆▆▆▆▆▆▆▆▆
